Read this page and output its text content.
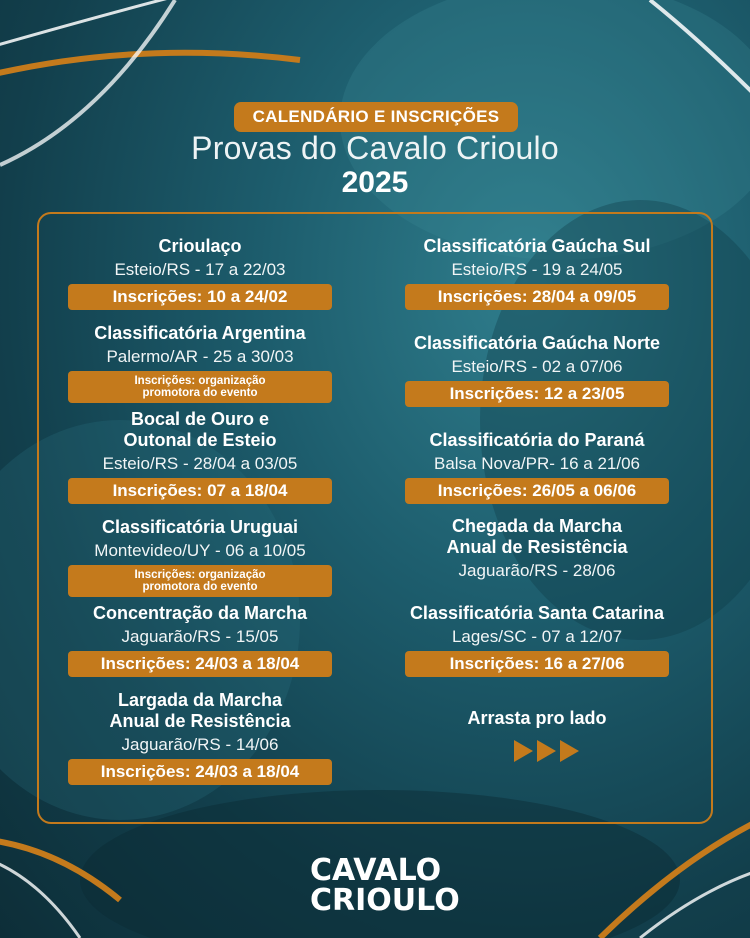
CALENDÁRIO E INSCRIÇÕES
Provas do Cavalo Crioulo
2025
Crioulaço
Esteio/RS - 17 a 22/03
Inscrições: 10 a 24/02
Classificatória Argentina
Palermo/AR - 25 a 30/03
Inscrições: organização
promotora do evento
Bocal de Ouro e
Outonal de Esteio
Esteio/RS - 28/04 a 03/05
Inscrições: 07 a 18/04
Classificatória Uruguai
Montevideo/UY - 06 a 10/05
Inscrições: organização
promotora do evento
Concentração da Marcha
Jaguarão/RS - 15/05
Inscrições: 24/03 a 18/04
Largada da Marcha
Anual de Resistência
Jaguarão/RS - 14/06
Inscrições: 24/03 a 18/04
Classificatória Gaúcha Sul
Esteio/RS - 19 a 24/05
Inscrições: 28/04 a 09/05
Classificatória Gaúcha Norte
Esteio/RS - 02 a 07/06
Inscrições: 12 a 23/05
Classificatória do Paraná
Balsa Nova/PR- 16 a 21/06
Inscrições: 26/05 a 06/06
Chegada da Marcha
Anual de Resistência
Jaguarão/RS - 28/06
Classificatória Santa Catarina
Lages/SC - 07 a 12/07
Inscrições: 16 a 27/06
Arrasta pro lado
CAVALO
CRIOULO
